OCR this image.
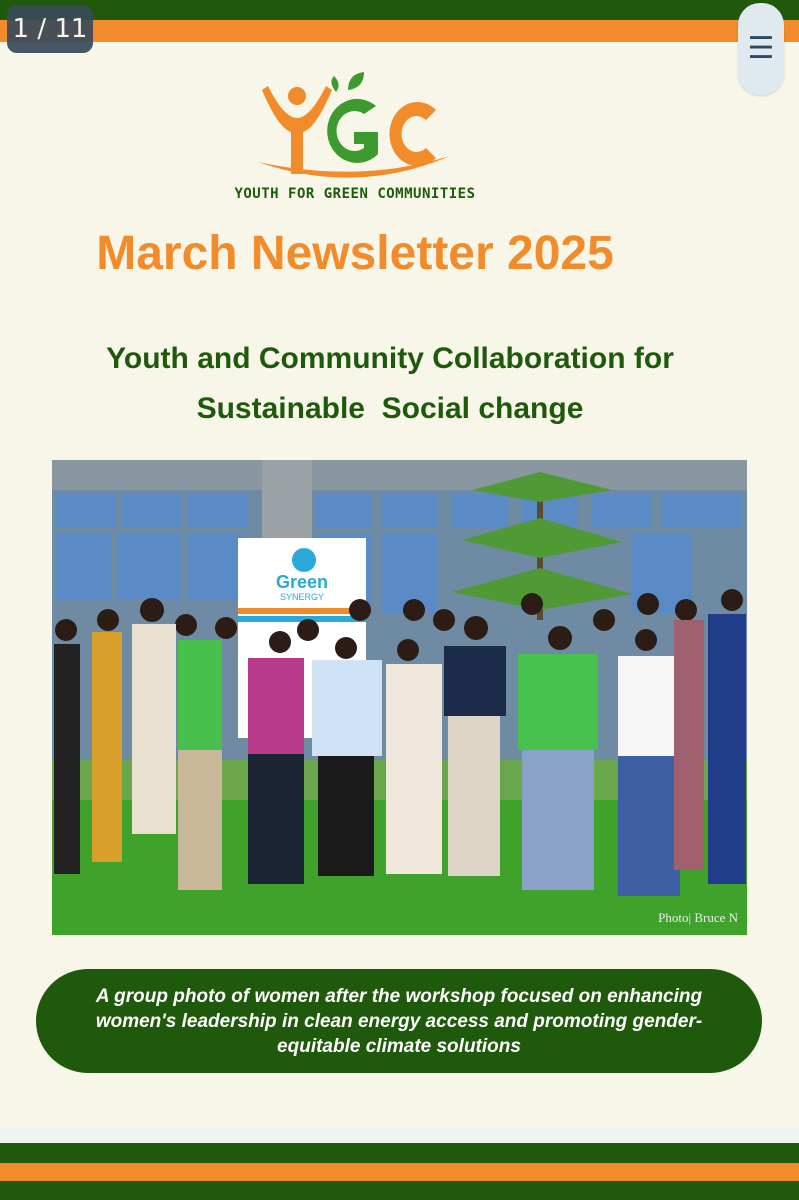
1 / 11
☰
YOUTH FOR GREEN COMMUNITIES
March Newsletter 2025
Youth and Community Collaboration for
Sustainable  Social change
Green
SYNERGY
Photo| Bruce N
A group photo of women after the workshop focused on enhancing women's leadership in clean energy access and promoting gender-equitable climate solutions
